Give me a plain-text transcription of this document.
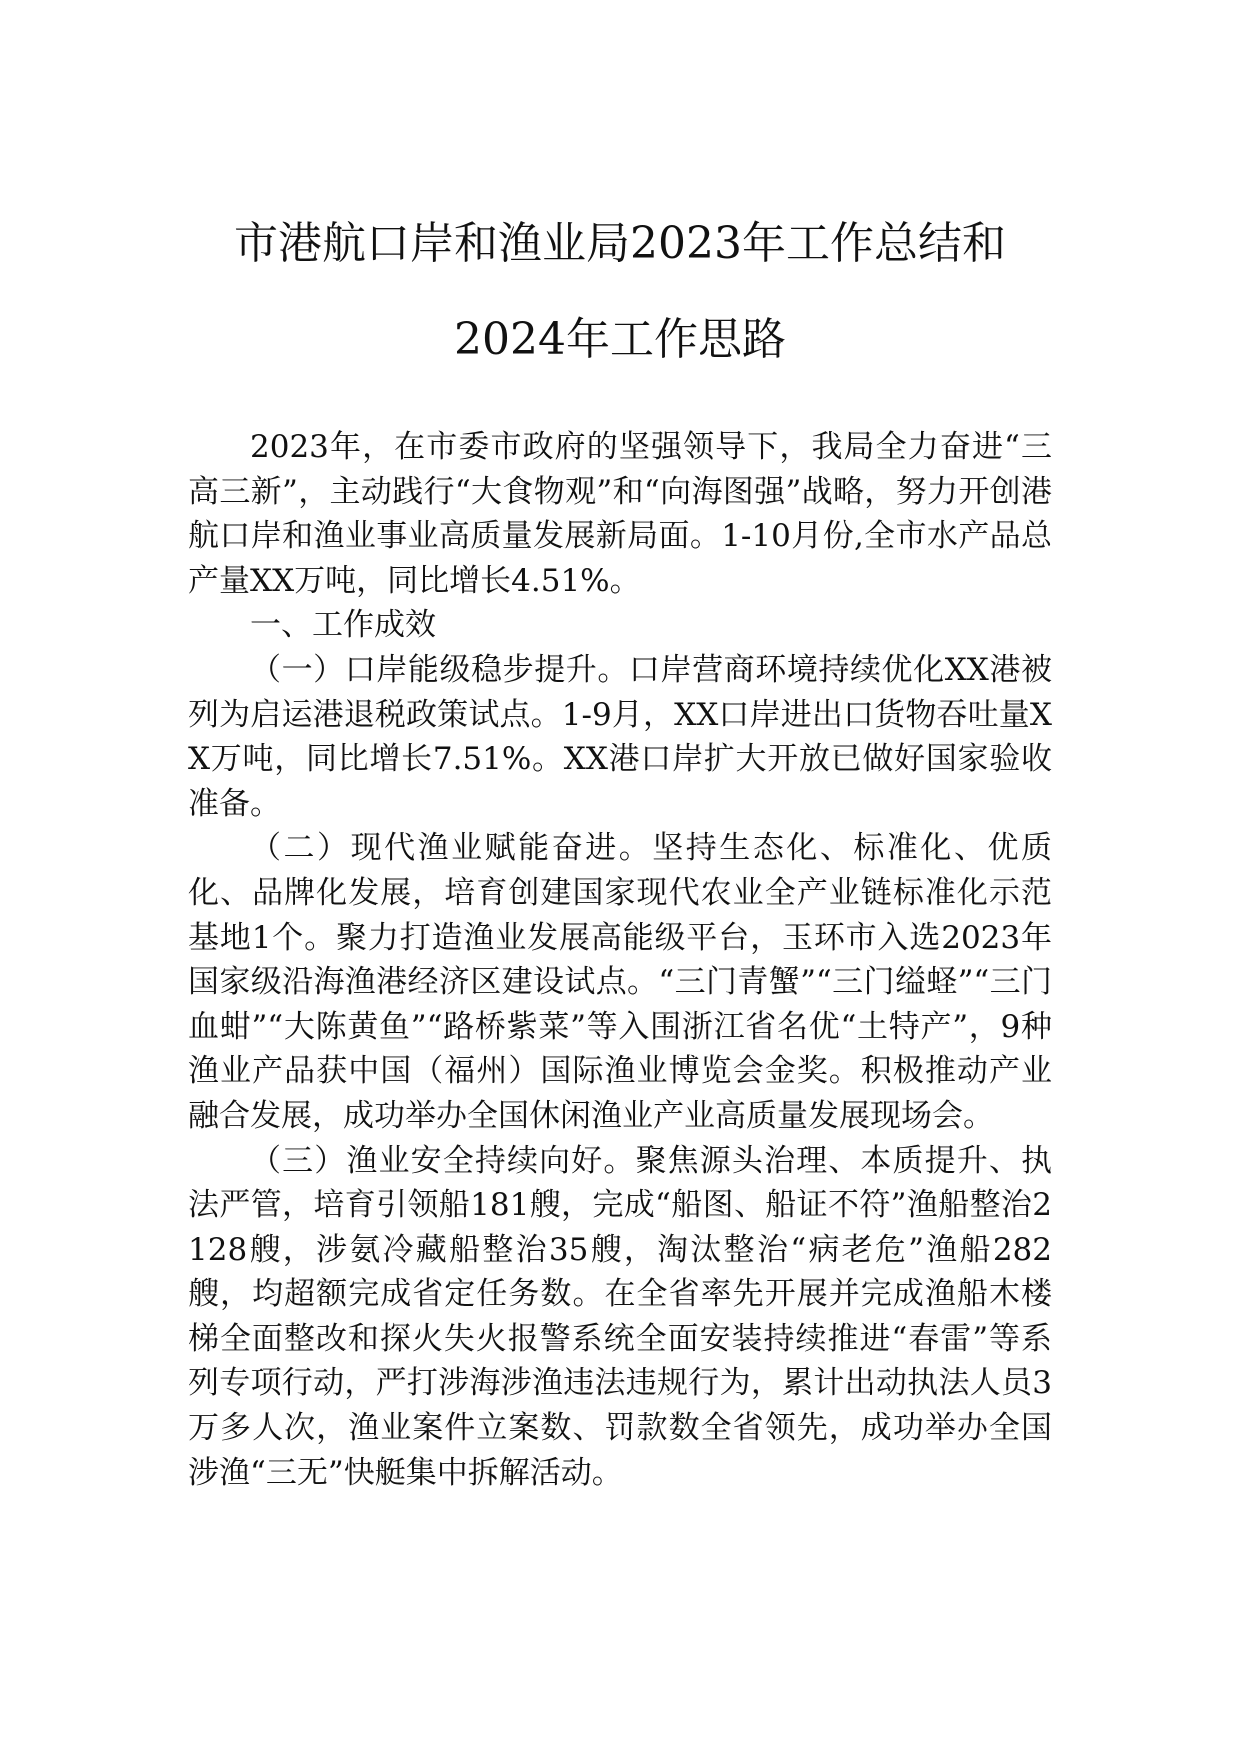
市港航口岸和渔业局2023年工作总结和
2024年工作思路

2023年，在市委市政府的坚强领导下，我局全力奋进“三高三新”，主动践行“大食物观”和“向海图强”战略，努力开创港航口岸和渔业事业高质量发展新局面。1-10月份,全市水产品总产量XX万吨，同比增长4.51%。

一、工作成效

（一）口岸能级稳步提升。口岸营商环境持续优化XX港被列为启运港退税政策试点。1-9月，XX口岸进出口货物吞吐量XX万吨，同比增长7.51%。XX港口岸扩大开放已做好国家验收准备。

（二）现代渔业赋能奋进。坚持生态化、标准化、优质化、品牌化发展，培育创建国家现代农业全产业链标准化示范基地1个。聚力打造渔业发展高能级平台，玉环市入选2023年国家级沿海渔港经济区建设试点。“三门青蟹”“三门缢蛏”“三门血蚶”“大陈黄鱼”“路桥紫菜”等入围浙江省名优“土特产”，9种渔业产品获中国（福州）国际渔业博览会金奖。积极推动产业融合发展，成功举办全国休闲渔业产业高质量发展现场会。

（三）渔业安全持续向好。聚焦源头治理、本质提升、执法严管，培育引领船181艘，完成“船图、船证不符”渔船整治2128艘，涉氨冷藏船整治35艘，淘汰整治“病老危”渔船282艘，均超额完成省定任务数。在全省率先开展并完成渔船木楼梯全面整改和探火失火报警系统全面安装持续推进“春雷”等系列专项行动，严打涉海涉渔违法违规行为，累计出动执法人员3万多人次，渔业案件立案数、罚款数全省领先，成功举办全国涉渔“三无”快艇集中拆解活动。
